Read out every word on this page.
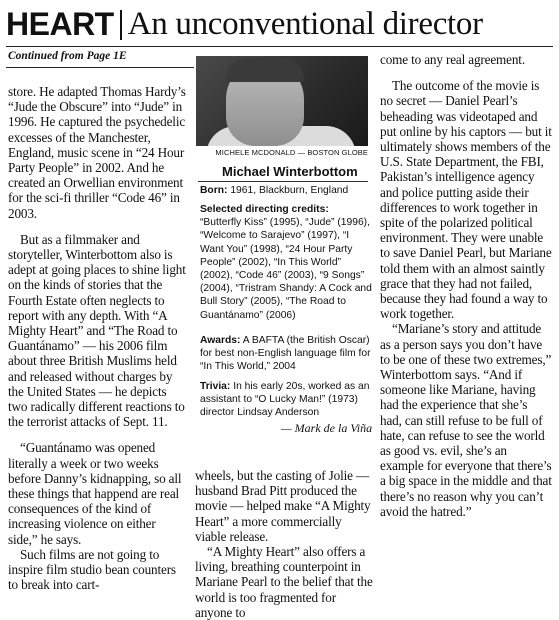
HEART An unconventional director
Continued from Page 1E

store. He adapted Thomas Hardy’s “Jude the Obscure” into “Jude” in 1996. He captured the psychedelic excesses of the Manchester, England, music scene in “24 Hour Party People” in 2002. And he created an Orwellian environment for the sci-fi thriller “Code 46” in 2003.

But as a filmmaker and storyteller, Winterbottom also is adept at going places to shine light on the kinds of stories that the Fourth Estate often neglects to report with any depth. With “A Mighty Heart” and “The Road to Guantánamo” — his 2006 film about three British Muslims held and released without charges by the United States — he depicts two radically different reactions to the terrorist attacks of Sept. 11.

“Guantánamo was opened literally a week or two weeks before Danny’s kidnapping, so all these things that happend are real consequences of the kind of increasing violence on either side,” he says.

Such films are not going to inspire film studio bean counters to break into cart-

MICHELE MCDONALD — BOSTON GLOBE
Michael Winterbottom
Born: 1961, Blackburn, England
Selected directing credits:
“Butterfly Kiss” (1995), “Jude” (1996), “Welcome to Sarajevo” (1997), “I Want You” (1998), “24 Hour Party People” (2002), “In This World” (2002), “Code 46” (2003), “9 Songs” (2004), “Tristram Shandy: A Cock and Bull Story” (2005), “The Road to Guantánamo” (2006)
Awards: A BAFTA (the British Oscar) for best non-English language film for “In This World,” 2004
Trivia: In his early 20s, worked as an assistant to “O Lucky Man!” (1973) director Lindsay Anderson
— Mark de la Viña

wheels, but the casting of Jolie — husband Brad Pitt produced the movie — helped make “A Mighty Heart” a more commercially viable release.

“A Mighty Heart” also offers a living, breathing counterpoint in Mariane Pearl to the belief that the world is too fragmented for anyone to

come to any real agreement.

The outcome of the movie is no secret — Daniel Pearl’s beheading was videotaped and put online by his captors — but it ultimately shows members of the U.S. State Department, the FBI, Pakistan’s intelligence agency and police putting aside their differences to work together in spite of the polarized political environment. They were unable to save Daniel Pearl, but Mariane told them with an almost saintly grace that they had not failed, because they had found a way to work together.

“Mariane’s story and attitude as a person says you don’t have to be one of these two extremes,” Winterbottom says. “And if someone like Mariane, having had the experience that she’s had, can still refuse to be full of hate, can refuse to see the world as good vs. evil, she’s an example for everyone that there’s a big space in the middle and that there’s no reason why you can’t avoid the hatred.”
